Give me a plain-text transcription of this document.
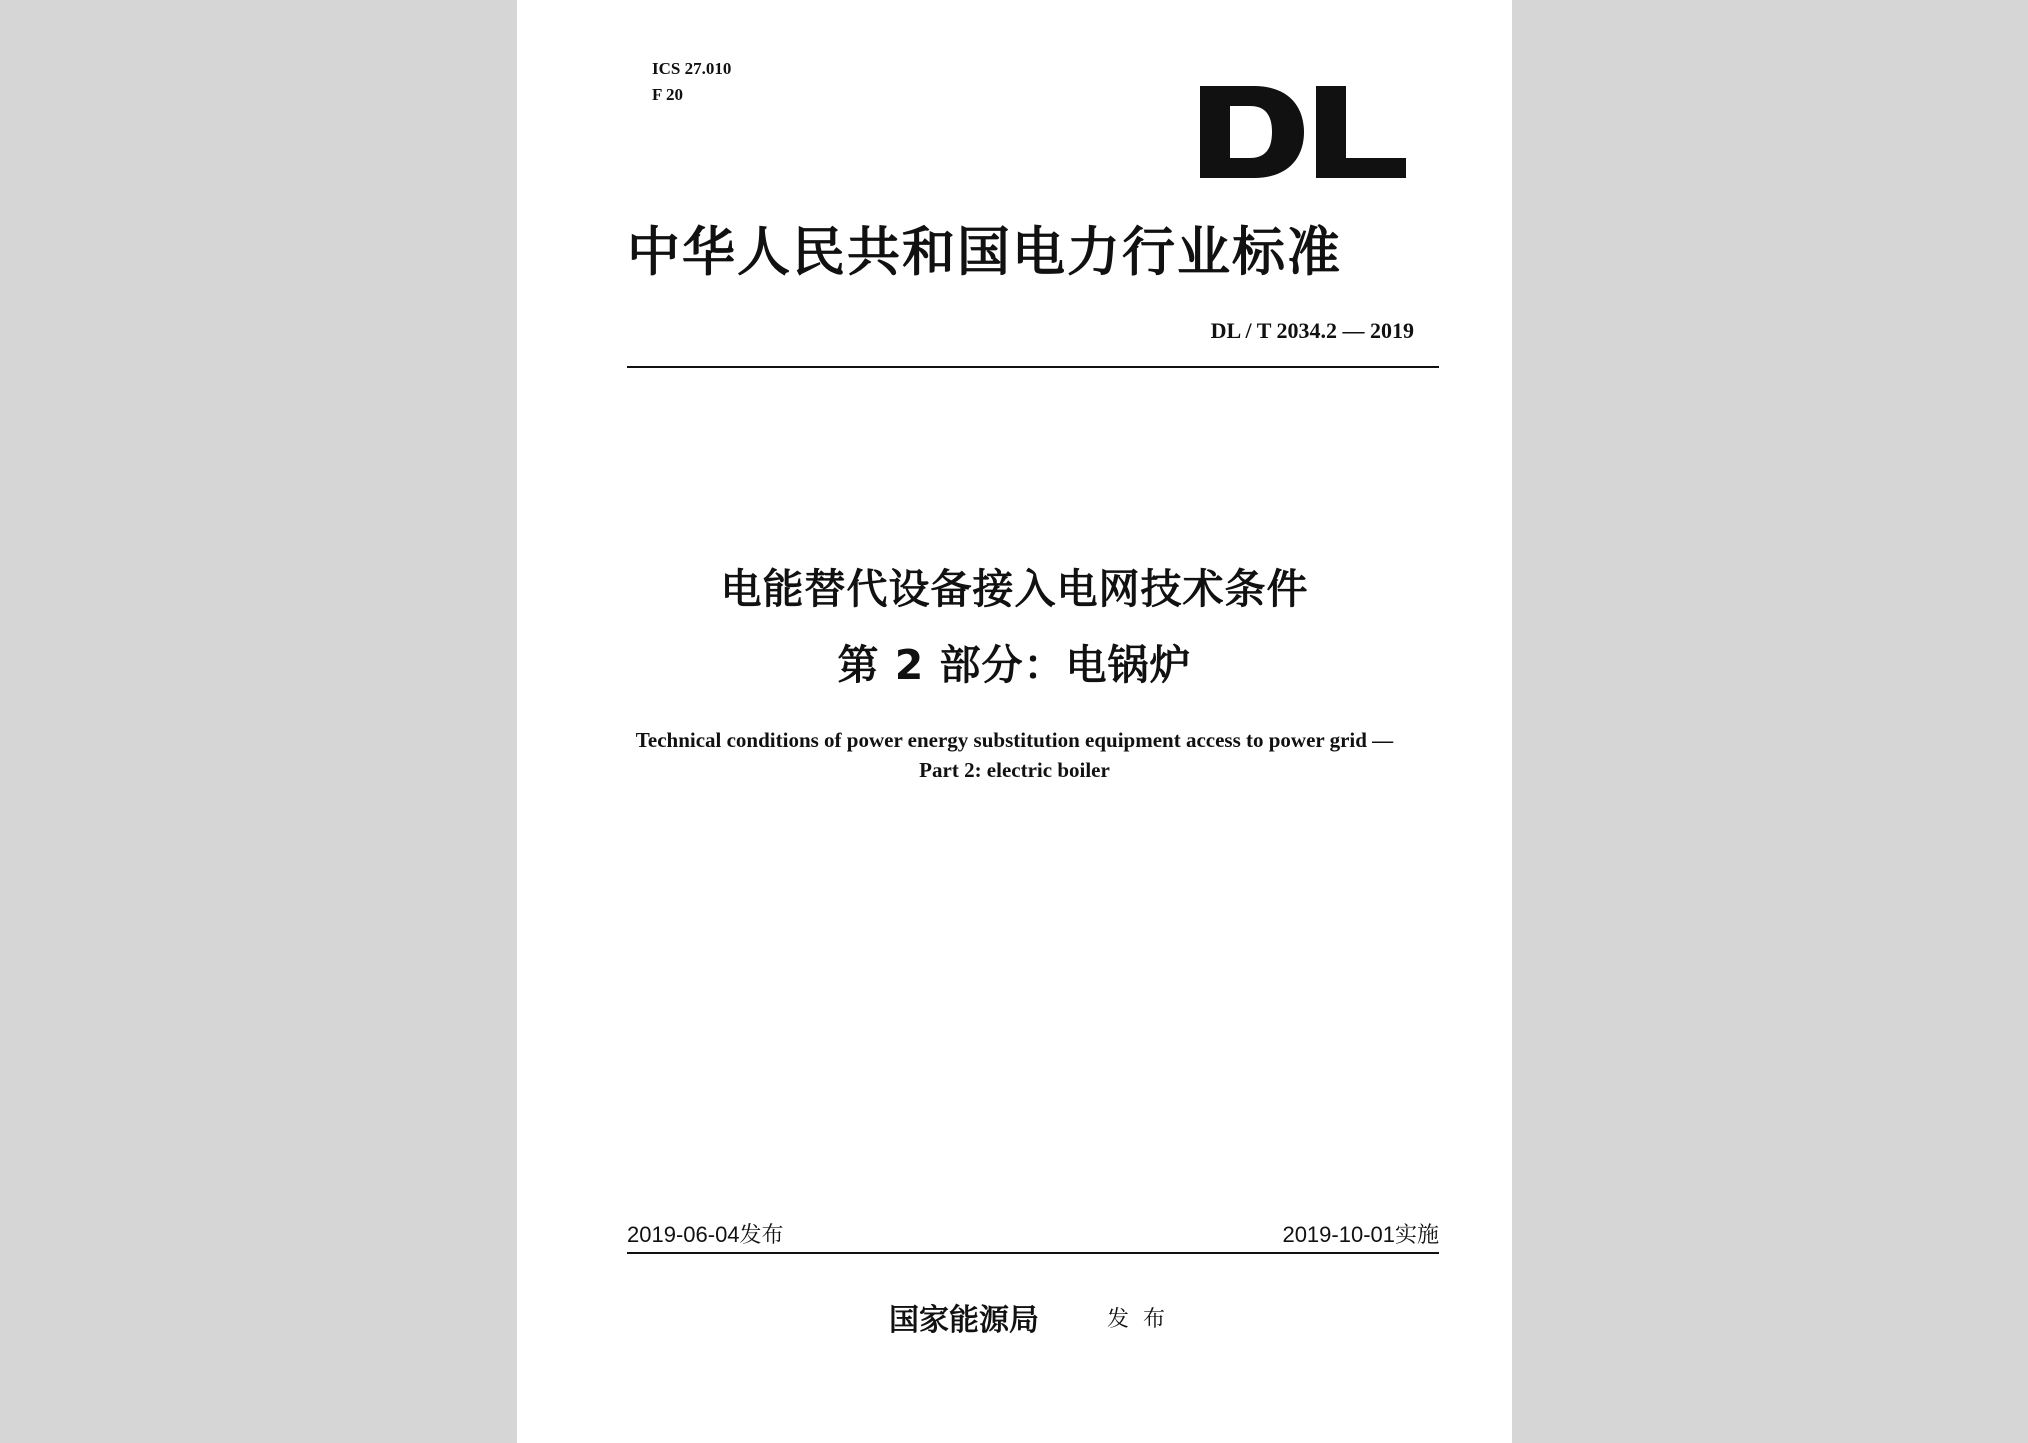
ICS 27.010
F 20
中华人民共和国电力行业标准
DL / T 2034.2 — 2019
电能替代设备接入电网技术条件
第 2 部分：电锅炉
Technical conditions of power energy substitution equipment access to power grid —
Part 2: electric boiler
2019-06-04发布	2019-10-01实施
国家能源局	发布
